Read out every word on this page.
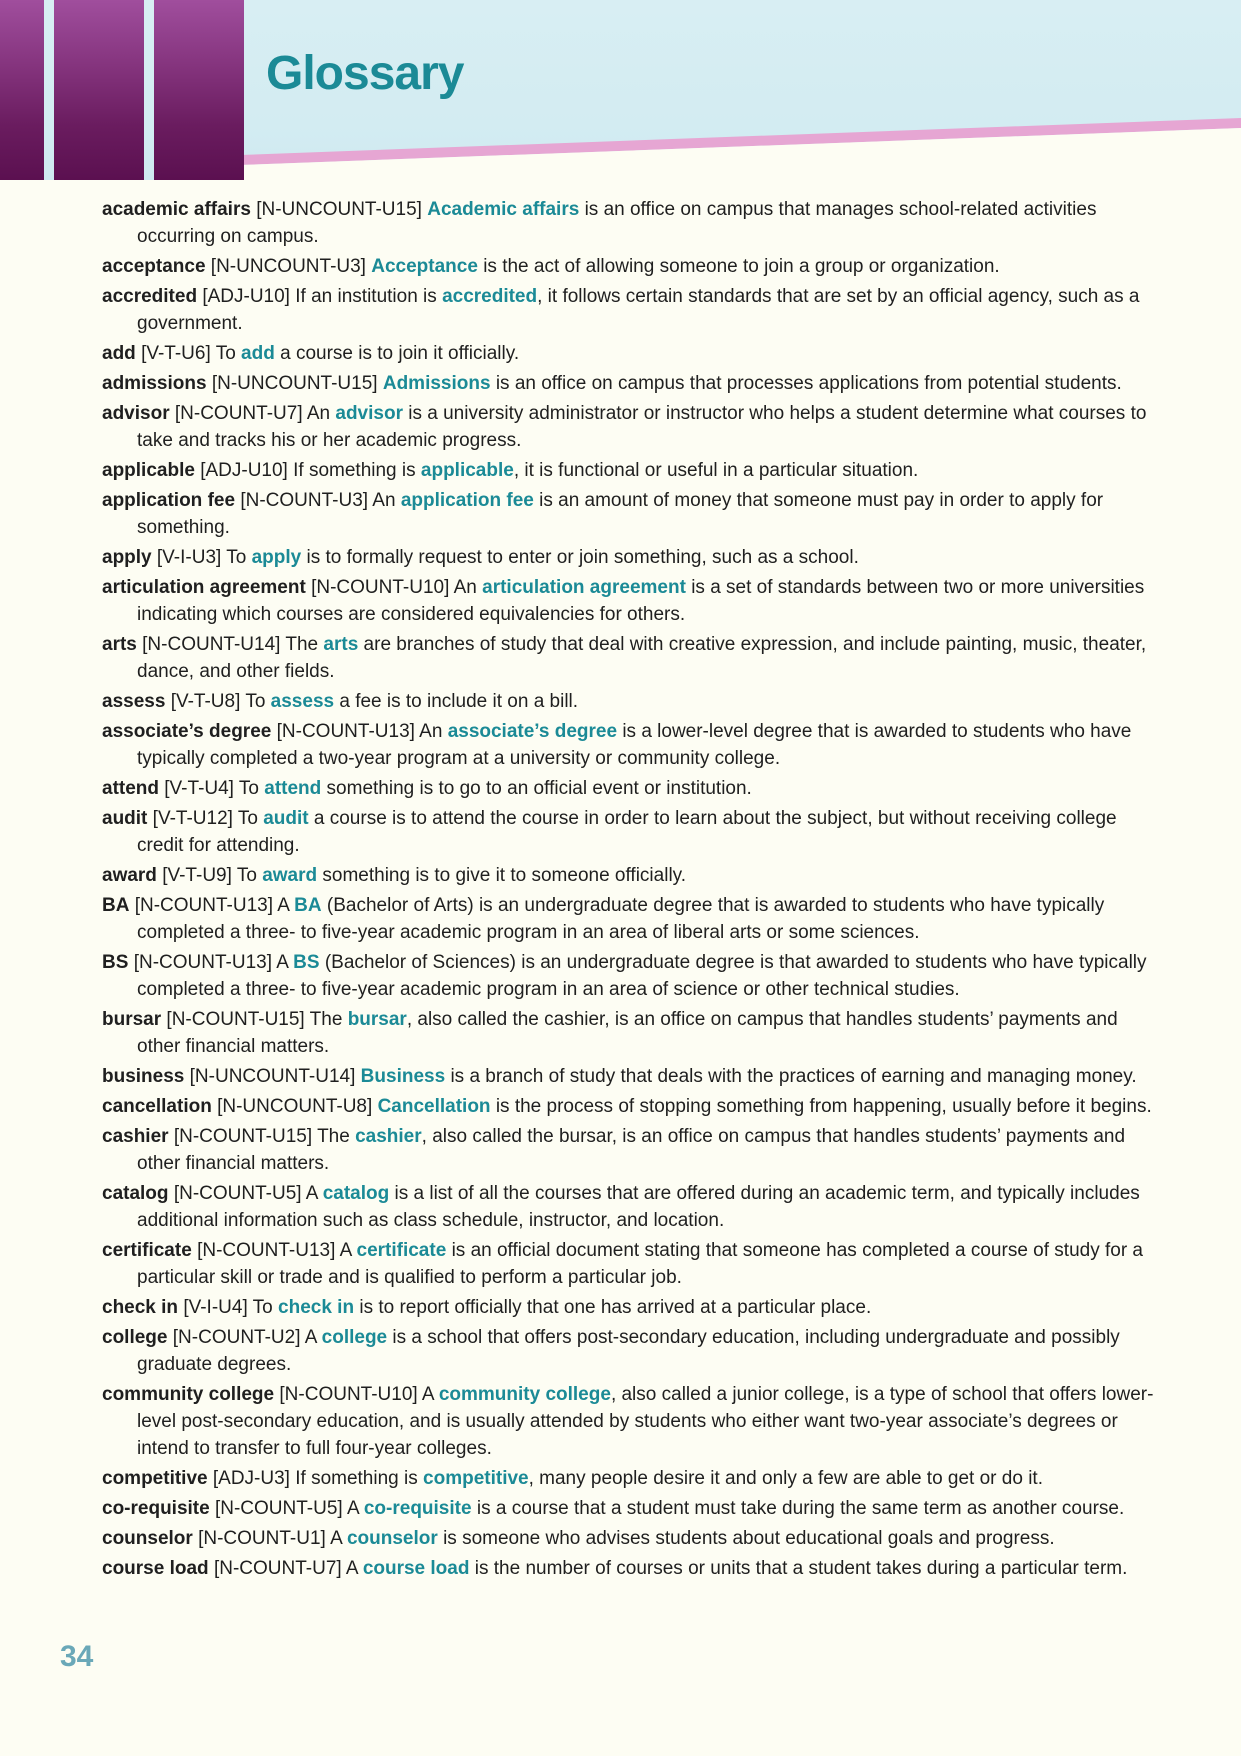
Glossary

academic affairs [N-UNCOUNT-U15] Academic affairs is an office on campus that manages school-related activities occurring on campus.

acceptance [N-UNCOUNT-U3] Acceptance is the act of allowing someone to join a group or organization.

accredited [ADJ-U10] If an institution is accredited, it follows certain standards that are set by an official agency, such as a government.

add [V-T-U6] To add a course is to join it officially.

admissions [N-UNCOUNT-U15] Admissions is an office on campus that processes applications from potential students.

advisor [N-COUNT-U7] An advisor is a university administrator or instructor who helps a student determine what courses to take and tracks his or her academic progress.

applicable [ADJ-U10] If something is applicable, it is functional or useful in a particular situation.

application fee [N-COUNT-U3] An application fee is an amount of money that someone must pay in order to apply for something.

apply [V-I-U3] To apply is to formally request to enter or join something, such as a school.

articulation agreement [N-COUNT-U10] An articulation agreement is a set of standards between two or more universities indicating which courses are considered equivalencies for others.

arts [N-COUNT-U14] The arts are branches of study that deal with creative expression, and include painting, music, theater, dance, and other fields.

assess [V-T-U8] To assess a fee is to include it on a bill.

associate’s degree [N-COUNT-U13] An associate’s degree is a lower-level degree that is awarded to students who have typically completed a two-year program at a university or community college.

attend [V-T-U4] To attend something is to go to an official event or institution.

audit [V-T-U12] To audit a course is to attend the course in order to learn about the subject, but without receiving college credit for attending.

award [V-T-U9] To award something is to give it to someone officially.

BA [N-COUNT-U13] A BA (Bachelor of Arts) is an undergraduate degree that is awarded to students who have typically completed a three- to five-year academic program in an area of liberal arts or some sciences.

BS [N-COUNT-U13] A BS (Bachelor of Sciences) is an undergraduate degree is that awarded to students who have typically completed a three- to five-year academic program in an area of science or other technical studies.

bursar [N-COUNT-U15] The bursar, also called the cashier, is an office on campus that handles students’ payments and other financial matters.

business [N-UNCOUNT-U14] Business is a branch of study that deals with the practices of earning and managing money.

cancellation [N-UNCOUNT-U8] Cancellation is the process of stopping something from happening, usually before it begins.

cashier [N-COUNT-U15] The cashier, also called the bursar, is an office on campus that handles students’ payments and other financial matters.

catalog [N-COUNT-U5] A catalog is a list of all the courses that are offered during an academic term, and typically includes additional information such as class schedule, instructor, and location.

certificate [N-COUNT-U13] A certificate is an official document stating that someone has completed a course of study for a particular skill or trade and is qualified to perform a particular job.

check in [V-I-U4] To check in is to report officially that one has arrived at a particular place.

college [N-COUNT-U2] A college is a school that offers post-secondary education, including undergraduate and possibly graduate degrees.

community college [N-COUNT-U10] A community college, also called a junior college, is a type of school that offers lower-level post-secondary education, and is usually attended by students who either want two-year associate’s degrees or intend to transfer to full four-year colleges.

competitive [ADJ-U3] If something is competitive, many people desire it and only a few are able to get or do it.

co-requisite [N-COUNT-U5] A co-requisite is a course that a student must take during the same term as another course.

counselor [N-COUNT-U1] A counselor is someone who advises students about educational goals and progress.

course load [N-COUNT-U7] A course load is the number of courses or units that a student takes during a particular term.

34
